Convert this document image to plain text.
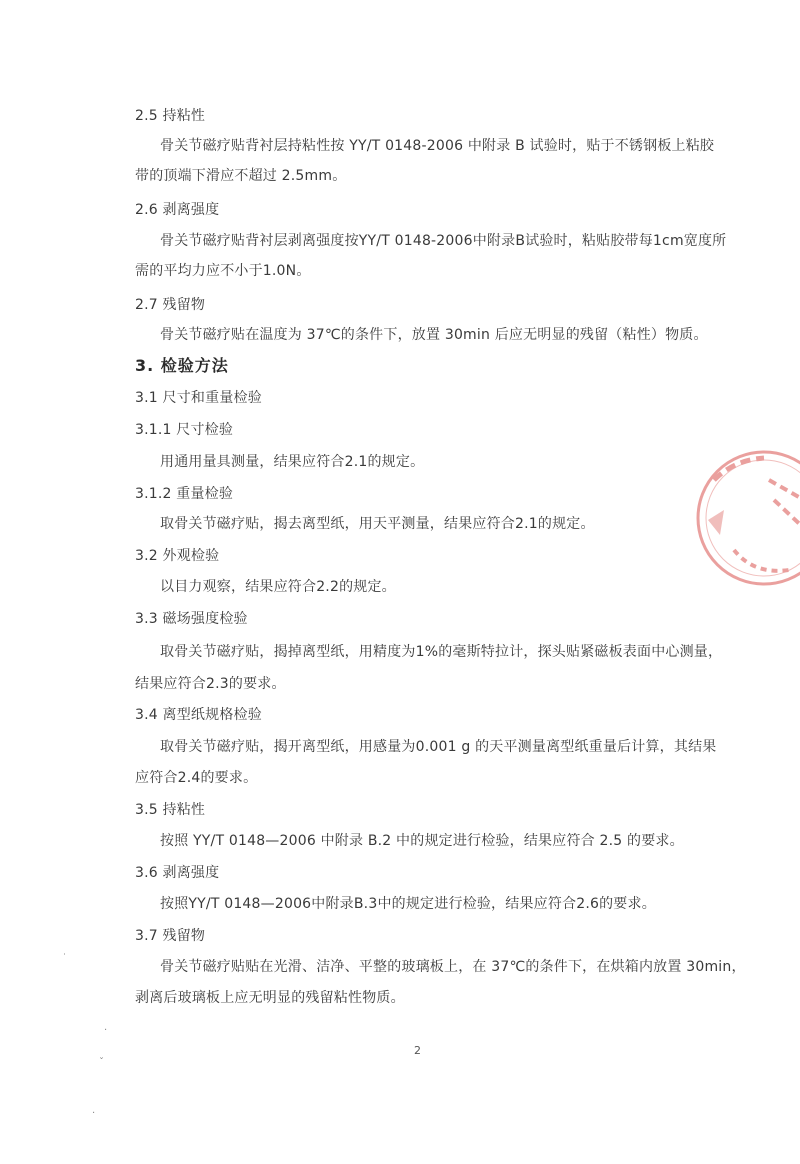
2.5 持粘性
骨关节磁疗贴背衬层持粘性按 YY/T 0148-2006 中附录 B 试验时，贴于不锈钢板上粘胶
带的顶端下滑应不超过 2.5mm。
2.6 剥离强度
骨关节磁疗贴背衬层剥离强度按YY/T 0148-2006中附录B试验时，粘贴胶带每1cm宽度所
需的平均力应不小于1.0N。
2.7 残留物
骨关节磁疗贴在温度为 37℃的条件下，放置 30min 后应无明显的残留（粘性）物质。
3. 检验方法
3.1 尺寸和重量检验
3.1.1 尺寸检验
用通用量具测量，结果应符合2.1的规定。
3.1.2 重量检验
取骨关节磁疗贴，揭去离型纸，用天平测量，结果应符合2.1的规定。
3.2 外观检验
以目力观察，结果应符合2.2的规定。
3.3 磁场强度检验
取骨关节磁疗贴，揭掉离型纸，用精度为1%的毫斯特拉计，探头贴紧磁板表面中心测量，
结果应符合2.3的要求。
3.4 离型纸规格检验
取骨关节磁疗贴，揭开离型纸，用感量为0.001 g 的天平测量离型纸重量后计算，其结果
应符合2.4的要求。
3.5 持粘性
按照 YY/T 0148—2006 中附录 B.2 中的规定进行检验，结果应符合 2.5 的要求。
3.6 剥离强度
按照YY/T 0148—2006中附录B.3中的规定进行检验，结果应符合2.6的要求。
3.7 残留物
骨关节磁疗贴贴在光滑、洁净、平整的玻璃板上，在 37℃的条件下，在烘箱内放置 30min，
剥离后玻璃板上应无明显的残留粘性物质。
2
˙
·
ˇ
·
